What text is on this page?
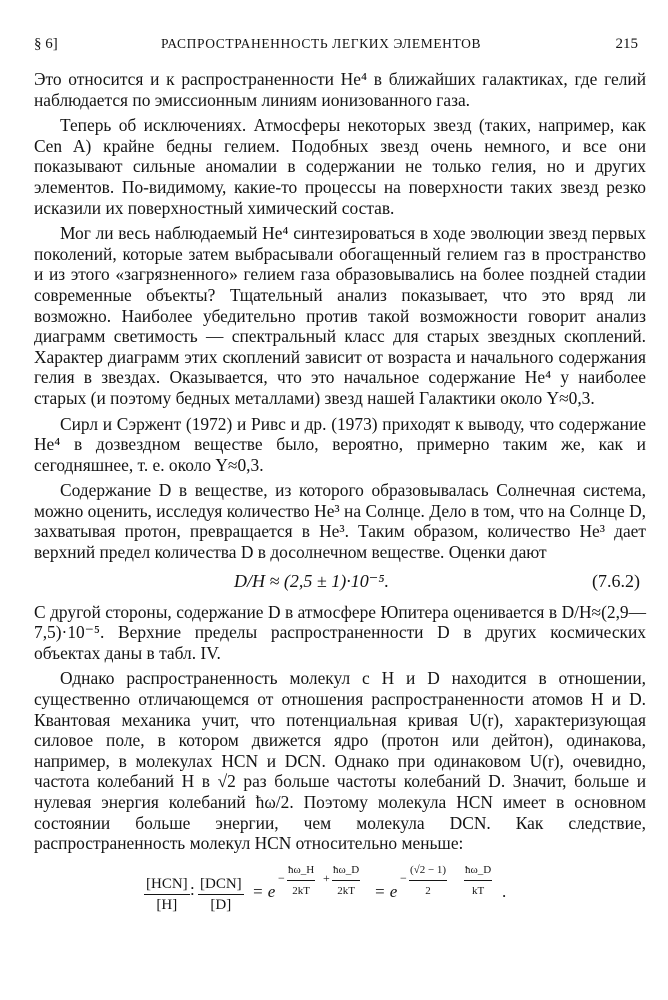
§ 6]	РАСПРОСТРАНЕННОСТЬ ЛЕГКИХ ЭЛЕМЕНТОВ	215

Это относится и к распространенности He⁴ в ближайших галактиках, где гелий наблюдается по эмиссионным линиям ионизованного газа.

Теперь об исключениях. Атмосферы некоторых звезд (таких, например, как Cen A) крайне бедны гелием. Подобных звезд очень немного, и все они показывают сильные аномалии в содержании не только гелия, но и других элементов. По-видимому, какие-то процессы на поверхности таких звезд резко исказили их поверхностный химический состав.

Мог ли весь наблюдаемый He⁴ синтезироваться в ходе эволюции звезд первых поколений, которые затем выбрасывали обогащенный гелием газ в пространство и из этого «загрязненного» гелием газа образовывались на более поздней стадии современные объекты? Тщательный анализ показывает, что это вряд ли возможно. Наиболее убедительно против такой возможности говорит анализ диаграмм светимость — спектральный класс для старых звездных скоплений. Характер диаграмм этих скоплений зависит от возраста и начального содержания гелия в звездах. Оказывается, что это начальное содержание He⁴ у наиболее старых (и поэтому бедных металлами) звезд нашей Галактики около Y≈0,3.

Сирл и Сэржент (1972) и Ривс и др. (1973) приходят к выводу, что содержание He⁴ в дозвездном веществе было, вероятно, примерно таким же, как и сегодняшнее, т. е. около Y≈0,3.

Содержание D в веществе, из которого образовывалась Солнечная система, можно оценить, исследуя количество He³ на Солнце. Дело в том, что на Солнце D, захватывая протон, превращается в He³. Таким образом, количество He³ дает верхний предел количества D в досолнечном веществе. Оценки дают

D/H ≈ (2,5 ± 1)·10⁻⁵.	(7.6.2)

С другой стороны, содержание D в атмосфере Юпитера оценивается в D/H≈(2,9—7,5)·10⁻⁵. Верхние пределы распространенности D в других космических объектах даны в табл. IV.

Однако распространенность молекул с H и D находится в отношении, существенно отличающемся от отношения распространенности атомов H и D. Квантовая механика учит, что потенциальная кривая U(r), характеризующая силовое поле, в котором движется ядро (протон или дейтон), одинакова, например, в молекулах HCN и DCN. Однако при одинаковом U(r), очевидно, частота колебаний H в √2 раз больше частоты колебаний D. Значит, больше и нулевая энергия колебаний ħω/2. Поэтому молекула HCN имеет в основном состоянии больше энергии, чем молекула DCN. Как следствие, распространенность молекул HCN относительно меньше:

[HCN]
[H]
: [DCN]
[D]
= e
− $\frac{ħ\omega\_H}{2kT} + \frac{ħ\omega\_D}{2kT} = e$
− $\frac{(√2 - 1)}{2} \frac{ħ\omega\_D}{kT}$ .
